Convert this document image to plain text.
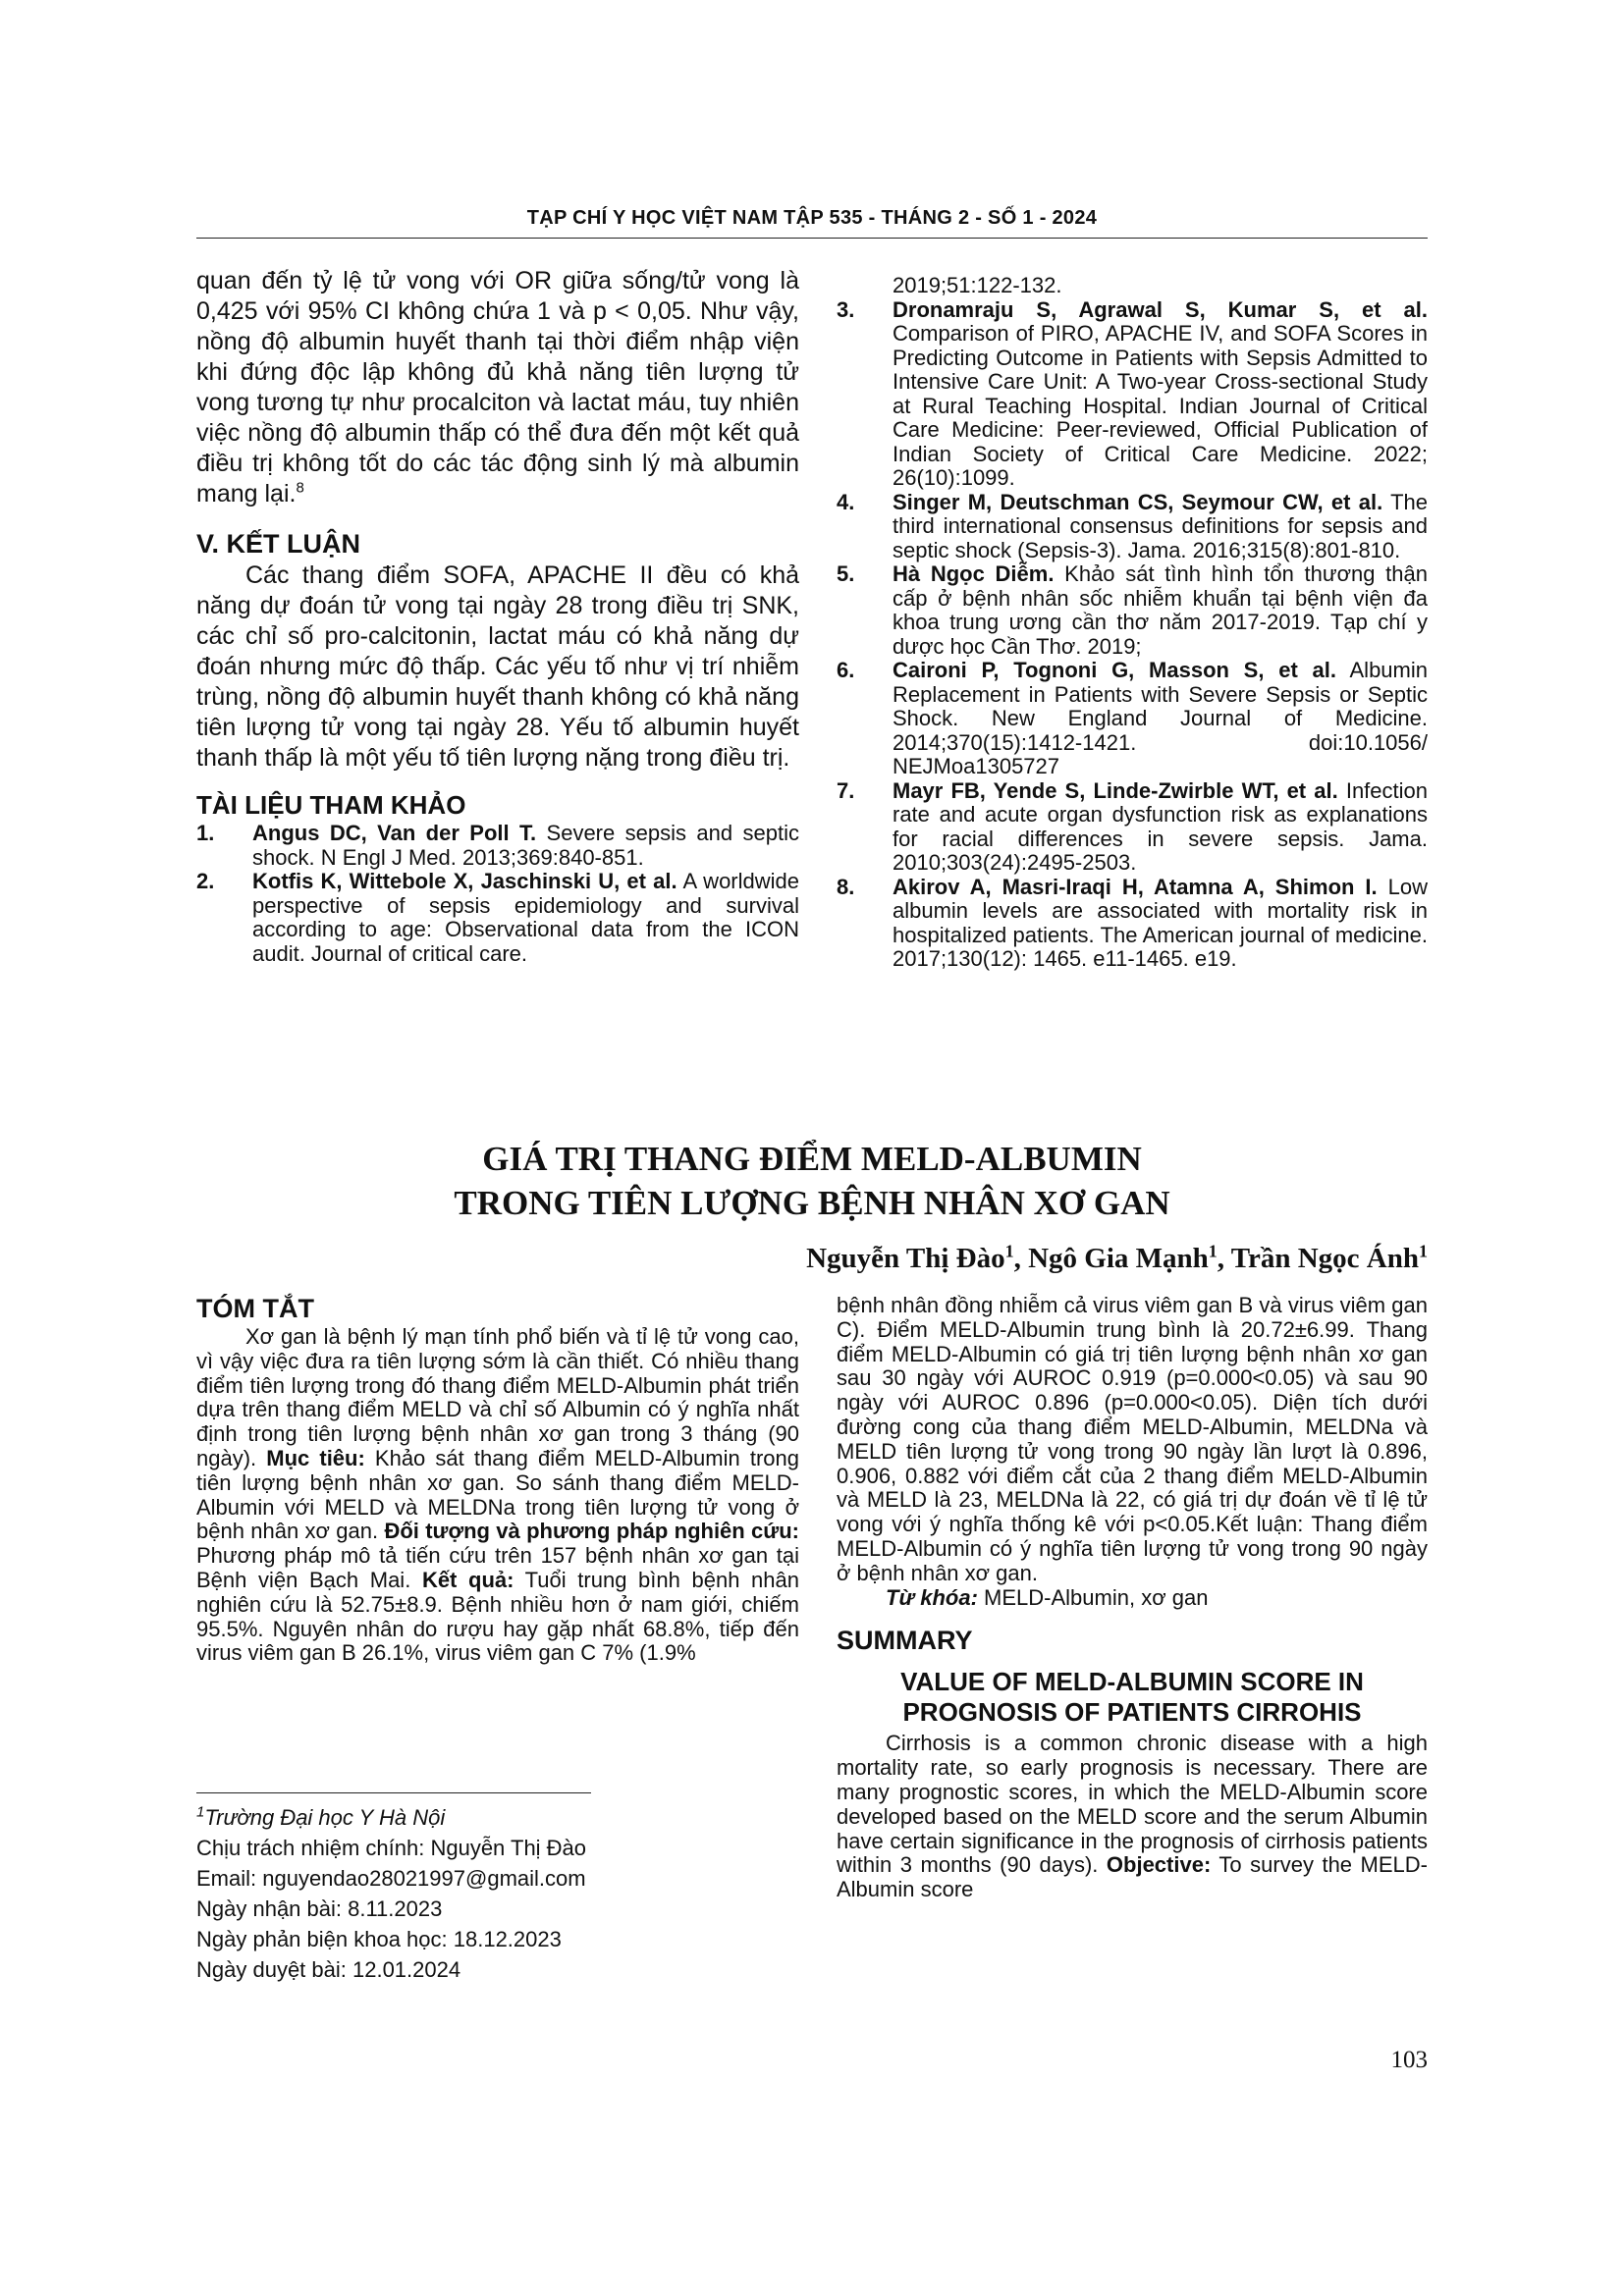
TẠP CHÍ Y HỌC VIỆT NAM TẬP 535 - THÁNG 2 - SỐ 1 - 2024

quan đến tỷ lệ tử vong với OR giữa sống/tử vong là 0,425 với 95% CI không chứa 1 và p < 0,05. Như vậy, nồng độ albumin huyết thanh tại thời điểm nhập viện khi đứng độc lập không đủ khả năng tiên lượng tử vong tương tự như procalciton và lactat máu, tuy nhiên việc nồng độ albumin thấp có thể đưa đến một kết quả điều trị không tốt do các tác động sinh lý mà albumin mang lại.$^8$

V. KẾT LUẬN

Các thang điểm SOFA, APACHE II đều có khả năng dự đoán tử vong tại ngày 28 trong điều trị SNK, các chỉ số pro-calcitonin, lactat máu có khả năng dự đoán nhưng mức độ thấp. Các yếu tố như vị trí nhiễm trùng, nồng độ albumin huyết thanh không có khả năng tiên lượng tử vong tại ngày 28. Yếu tố albumin huyết thanh thấp là một yếu tố tiên lượng nặng trong điều trị.

TÀI LIỆU THAM KHẢO
1. Angus DC, Van der Poll T. Severe sepsis and septic shock. N Engl J Med. 2013;369:840-851.
2. Kotfis K, Wittebole X, Jaschinski U, et al. A worldwide perspective of sepsis epidemiology and survival according to age: Observational data from the ICON audit. Journal of critical care.
2019;51:122-132.
3. Dronamraju S, Agrawal S, Kumar S, et al. Comparison of PIRO, APACHE IV, and SOFA Scores in Predicting Outcome in Patients with Sepsis Admitted to Intensive Care Unit: A Two-year Cross-sectional Study at Rural Teaching Hospital. Indian Journal of Critical Care Medicine: Peer-reviewed, Official Publication of Indian Society of Critical Care Medicine. 2022; 26(10):1099.
4. Singer M, Deutschman CS, Seymour CW, et al. The third international consensus definitions for sepsis and septic shock (Sepsis-3). Jama. 2016;315(8):801-810.
5. Hà Ngọc Diễm. Khảo sát tình hình tổn thương thận cấp ở bệnh nhân sốc nhiễm khuẩn tại bệnh viện đa khoa trung ương cần thơ năm 2017-2019. Tạp chí y dược học Cần Thơ. 2019;
6. Caironi P, Tognoni G, Masson S, et al. Albumin Replacement in Patients with Severe Sepsis or Septic Shock. New England Journal of Medicine. 2014;370(15):1412-1421. doi:10.1056/ NEJMoa1305727
7. Mayr FB, Yende S, Linde-Zwirble WT, et al. Infection rate and acute organ dysfunction risk as explanations for racial differences in severe sepsis. Jama. 2010;303(24):2495-2503.
8. Akirov A, Masri-Iraqi H, Atamna A, Shimon I. Low albumin levels are associated with mortality risk in hospitalized patients. The American journal of medicine. 2017;130(12): 1465. e11-1465. e19.
GIÁ TRỊ THANG ĐIỂM MELD-ALBUMIN
TRONG TIÊN LƯỢNG BỆNH NHÂN XƠ GAN
Nguyễn Thị Đào$^1$, Ngô Gia Mạnh$^1$, Trần Ngọc Ánh$^1$
TÓM TẮT

Xơ gan là bệnh lý mạn tính phổ biến và tỉ lệ tử vong cao, vì vậy việc đưa ra tiên lượng sớm là cần thiết. Có nhiều thang điểm tiên lượng trong đó thang điểm MELD-Albumin phát triển dựa trên thang điểm MELD và chỉ số Albumin có ý nghĩa nhất định trong tiên lượng bệnh nhân xơ gan trong 3 tháng (90 ngày). Mục tiêu: Khảo sát thang điểm MELD-Albumin trong tiên lượng bệnh nhân xơ gan. So sánh thang điểm MELD-Albumin với MELD và MELDNa trong tiên lượng tử vong ở bệnh nhân xơ gan. Đối tượng và phương pháp nghiên cứu: Phương pháp mô tả tiến cứu trên 157 bệnh nhân xơ gan tại Bệnh viện Bạch Mai. Kết quả: Tuổi trung bình bệnh nhân nghiên cứu là 52.75±8.9. Bệnh nhiều hơn ở nam giới, chiếm 95.5%. Nguyên nhân do rượu hay gặp nhất 68.8%, tiếp đến virus viêm gan B 26.1%, virus viêm gan C 7% (1.9%

bệnh nhân đồng nhiễm cả virus viêm gan B và virus viêm gan C). Điểm MELD-Albumin trung bình là 20.72±6.99. Thang điểm MELD-Albumin có giá trị tiên lượng bệnh nhân xơ gan sau 30 ngày với AUROC 0.919 (p=0.000<0.05) và sau 90 ngày với AUROC 0.896 (p=0.000<0.05). Diện tích dưới đường cong của thang điểm MELD-Albumin, MELDNa và MELD tiên lượng tử vong trong 90 ngày lần lượt là 0.896, 0.906, 0.882 với điểm cắt của 2 thang điểm MELD-Albumin và MELD là 23, MELDNa là 22, có giá trị dự đoán về tỉ lệ tử vong với ý nghĩa thống kê với p<0.05.Kết luận: Thang điểm MELD-Albumin có ý nghĩa tiên lượng tử vong trong 90 ngày ở bệnh nhân xơ gan.

Từ khóa: MELD-Albumin, xơ gan

SUMMARY
VALUE OF MELD-ALBUMIN SCORE IN
PROGNOSIS OF PATIENTS CIRROHIS

Cirrhosis is a common chronic disease with a high mortality rate, so early prognosis is necessary. There are many prognostic scores, in which the MELD-Albumin score developed based on the MELD score and the serum Albumin have certain significance in the prognosis of cirrhosis patients within 3 months (90 days). Objective: To survey the MELD-Albumin score

$^1$Trường Đại học Y Hà Nội
Chịu trách nhiệm chính: Nguyễn Thị Đào
Email: nguyendao28021997@gmail.com
Ngày nhận bài: 8.11.2023
Ngày phản biện khoa học: 18.12.2023
Ngày duyệt bài: 12.01.2024
103
